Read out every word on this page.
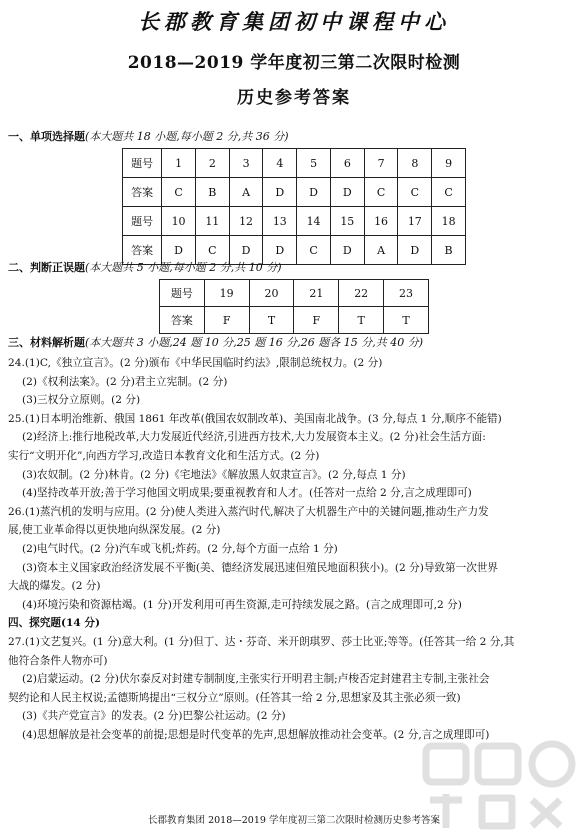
长郡教育集团初中课程中心
2018—2019 学年度初三第二次限时检测
历史参考答案
一、单项选择题(本大题共 18 小题,每小题 2 分,共 36 分)
题号	1	2	3	4	5	6	7	8	9
答案	C	B	A	D	D	D	C	C	C
题号	10	11	12	13	14	15	16	17	18
答案	D	C	D	D	C	D	A	D	B
二、判断正误题(本大题共 5 小题,每小题 2 分,共 10 分)
题号	19	20	21	22	23
答案	F	T	F	T	T
三、材料解析题(本大题共 3 小题,24 题 10 分,25 题 16 分,26 题各 15 分,共 40 分)
24.(1)C,《独立宣言》。(2 分)颁布《中华民国临时约法》,限制总统权力。(2 分)
(2)《权利法案》。(2 分)君主立宪制。(2 分)
(3)三权分立原则。(2 分)
25.(1)日本明治维新、俄国 1861 年改革(俄国农奴制改革)、美国南北战争。(3 分,每点 1 分,顺序不能错)
(2)经济上:推行地税改革,大力发展近代经济,引进西方技术,大力发展资本主义。(2 分)社会生活方面:
实行“文明开化”,向西方学习,改造日本教育文化和生活方式。(2 分)
(3)农奴制。(2 分)林肯。(2 分)《宅地法》《解放黑人奴隶宣言》。(2 分,每点 1 分)
(4)坚持改革开放;善于学习他国文明成果;要重视教育和人才。(任答对一点给 2 分,言之成理即可)
26.(1)蒸汽机的发明与应用。(2 分)使人类进入蒸汽时代,解决了大机器生产中的关键问题,推动生产力发
展,使工业革命得以更快地向纵深发展。(2 分)
(2)电气时代。(2 分)汽车或飞机;炸药。(2 分,每个方面一点给 1 分)
(3)资本主义国家政治经济发展不平衡(美、德经济发展迅速但殖民地面积狭小)。(2 分)导致第一次世界
大战的爆发。(2 分)
(4)环境污染和资源枯竭。(1 分)开发利用可再生资源,走可持续发展之路。(言之成理即可,2 分)
四、探究题(14 分)
27.(1)文艺复兴。(1 分)意大利。(1 分)但丁、达・芬奇、米开朗琪罗、莎士比亚;等等。(任答其一给 2 分,其
他符合条件人物亦可)
(2)启蒙运动。(2 分)伏尔泰反对封建专制制度,主张实行开明君主制;卢梭否定封建君主专制,主张社会
契约论和人民主权说;孟德斯鸠提出“三权分立”原则。(任答其一给 2 分,思想家及其主张必须一致)
(3)《共产党宣言》的发表。(2 分)巴黎公社运动。(2 分)
(4)思想解放是社会变革的前提;思想是时代变革的先声,思想解放推动社会变革。(2 分,言之成理即可)
长郡教育集团 2018—2019 学年度初三第二次限时检测历史参考答案
